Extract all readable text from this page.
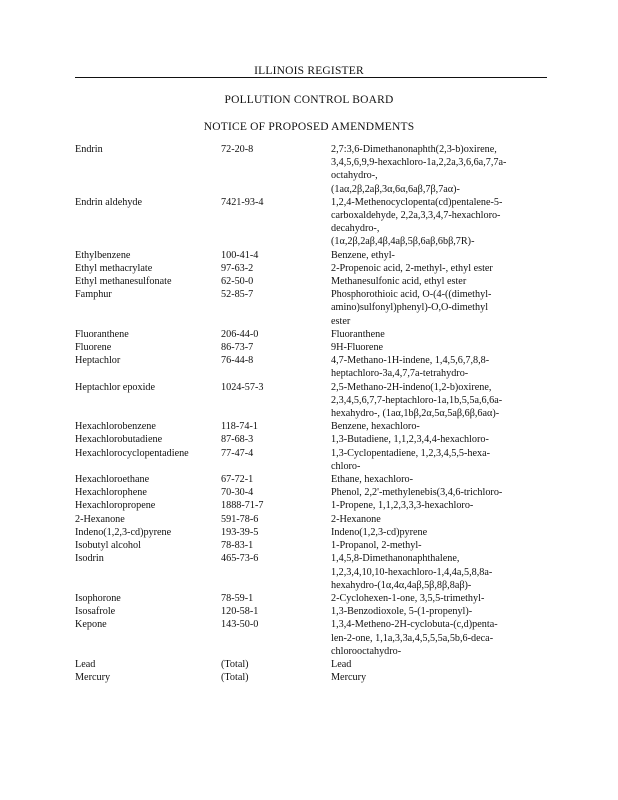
ILLINOIS REGISTER
POLLUTION CONTROL BOARD
NOTICE OF PROPOSED AMENDMENTS
Endrin	72-20-8	2,7:3,6-Dimethanonaphth(2,3-b)oxirene,
3,4,5,6,9,9-hexachloro-1a,2,2a,3,6,6a,7,7a-
octahydro-,
(1aα,2β,2aβ,3α,6α,6aβ,7β,7aα)-
Endrin aldehyde	7421-93-4	1,2,4-Methenocyclopenta(cd)pentalene-5-
carboxaldehyde, 2,2a,3,3,4,7-hexachloro-
decahydro-,
(1α,2β,2aβ,4β,4aβ,5β,6aβ,6bβ,7R)-
Ethylbenzene	100-41-4	Benzene, ethyl-
Ethyl methacrylate	97-63-2	2-Propenoic acid, 2-methyl-, ethyl ester
Ethyl methanesulfonate	62-50-0	Methanesulfonic acid, ethyl ester
Famphur	52-85-7	Phosphorothioic acid, O-(4-((dimethyl-
amino)sulfonyl)phenyl)-O,O-dimethyl
ester
Fluoranthene	206-44-0	Fluoranthene
Fluorene	86-73-7	9H-Fluorene
Heptachlor	76-44-8	4,7-Methano-1H-indene, 1,4,5,6,7,8,8-
heptachloro-3a,4,7,7a-tetrahydro-
Heptachlor epoxide	1024-57-3	2,5-Methano-2H-indeno(1,2-b)oxirene,
2,3,4,5,6,7,7-heptachloro-1a,1b,5,5a,6,6a-
hexahydro-, (1aα,1bβ,2α,5α,5aβ,6β,6aα)-
Hexachlorobenzene	118-74-1	Benzene, hexachloro-
Hexachlorobutadiene	87-68-3	1,3-Butadiene, 1,1,2,3,4,4-hexachloro-
Hexachlorocyclopentadiene	77-47-4	1,3-Cyclopentadiene, 1,2,3,4,5,5-hexa-
chloro-
Hexachloroethane	67-72-1	Ethane, hexachloro-
Hexachlorophene	70-30-4	Phenol, 2,2'-methylenebis(3,4,6-trichloro-
Hexachloropropene	1888-71-7	1-Propene, 1,1,2,3,3,3-hexachloro-
2-Hexanone	591-78-6	2-Hexanone
Indeno(1,2,3-cd)pyrene	193-39-5	Indeno(1,2,3-cd)pyrene
Isobutyl alcohol	78-83-1	1-Propanol, 2-methyl-
Isodrin	465-73-6	1,4,5,8-Dimethanonaphthalene,
1,2,3,4,10,10-hexachloro-1,4,4a,5,8,8a-
hexahydro-(1α,4α,4aβ,5β,8β,8aβ)-
Isophorone	78-59-1	2-Cyclohexen-1-one, 3,5,5-trimethyl-
Isosafrole	120-58-1	1,3-Benzodioxole, 5-(1-propenyl)-
Kepone	143-50-0	1,3,4-Metheno-2H-cyclobuta-(c,d)penta-
len-2-one, 1,1a,3,3a,4,5,5,5a,5b,6-deca-
chlorooctahydro-
Lead	(Total)	Lead
Mercury	(Total)	Mercury
